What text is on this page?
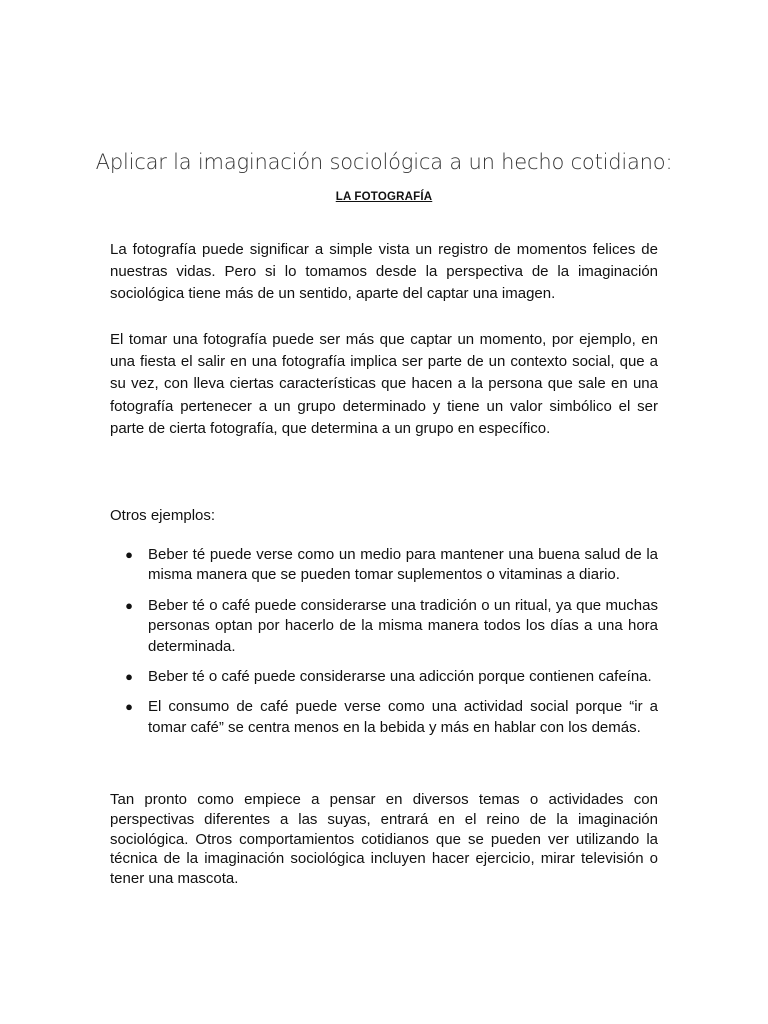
Aplicar la imaginación sociológica a un hecho cotidiano:
LA FOTOGRAFÍA

La fotografía puede significar a simple vista un registro de momentos felices de nuestras vidas. Pero si lo tomamos desde la perspectiva de la imaginación sociológica tiene más de un sentido, aparte del captar una imagen.

El tomar una fotografía puede ser más que captar un momento, por ejemplo, en una fiesta el salir en una fotografía implica ser parte de un contexto social, que a su vez, con lleva ciertas características que hacen a la persona que sale en una fotografía pertenecer a un grupo determinado y tiene un valor simbólico el ser parte de cierta fotografía, que determina a un grupo en específico.

Otros ejemplos:

● Beber té puede verse como un medio para mantener una buena salud de la misma manera que se pueden tomar suplementos o vitaminas a diario.
● Beber té o café puede considerarse una tradición o un ritual, ya que muchas personas optan por hacerlo de la misma manera todos los días a una hora determinada.
● Beber té o café puede considerarse una adicción porque contienen cafeína.
● El consumo de café puede verse como una actividad social porque “ir a tomar café” se centra menos en la bebida y más en hablar con los demás.

Tan pronto como empiece a pensar en diversos temas o actividades con perspectivas diferentes a las suyas, entrará en el reino de la imaginación sociológica. Otros comportamientos cotidianos que se pueden ver utilizando la técnica de la imaginación sociológica incluyen hacer ejercicio, mirar televisión o tener una mascota.
